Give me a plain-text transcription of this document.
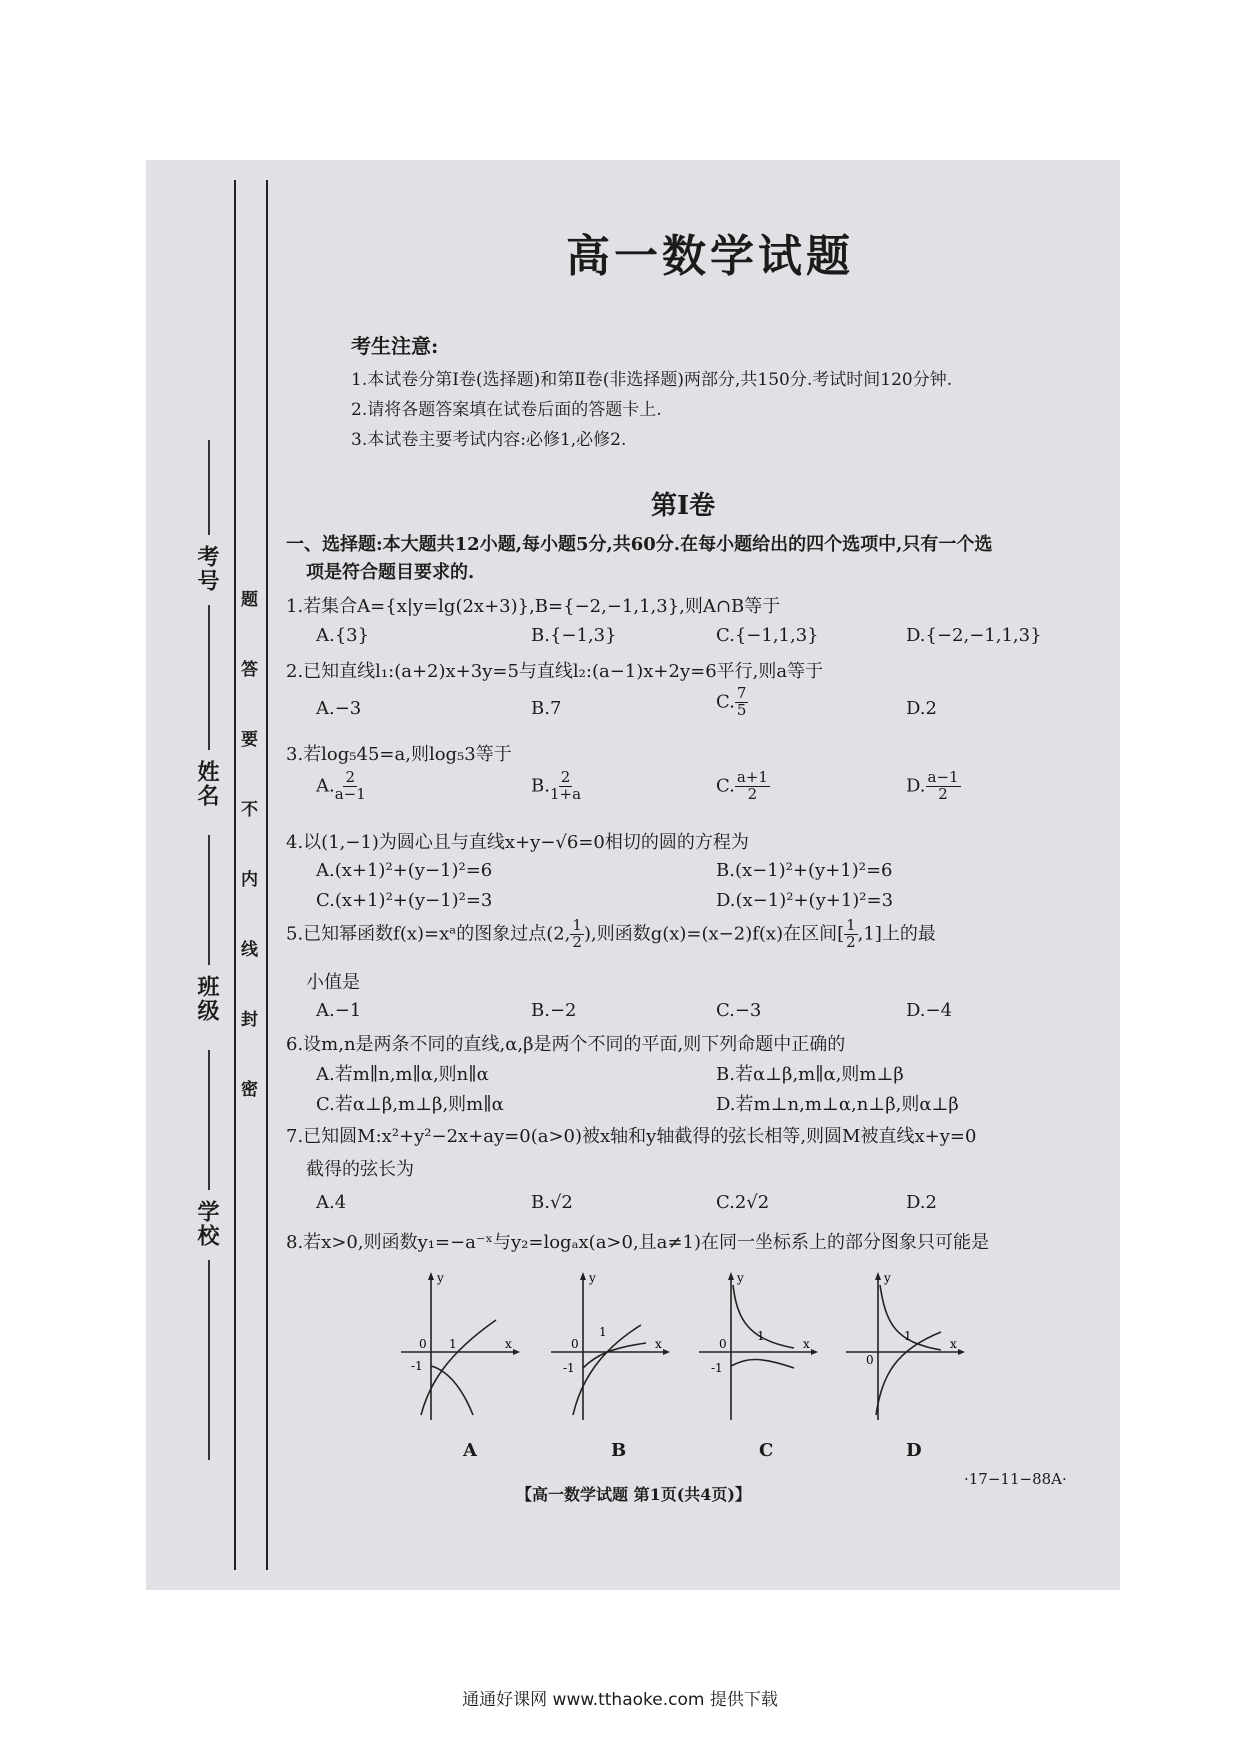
考号
姓名
班级
学校
题
答
要
不
内
线
封
密
高一数学试题
考生注意:
1.本试卷分第Ⅰ卷(选择题)和第Ⅱ卷(非选择题)两部分,共150分.考试时间120分钟.
2.请将各题答案填在试卷后面的答题卡上.
3.本试卷主要考试内容:必修1,必修2.
第Ⅰ卷
一、选择题:本大题共12小题,每小题5分,共60分.在每小题给出的四个选项中,只有一个选
项是符合题目要求的.
1.若集合A={x|y=lg(2x+3)},B={−2,−1,1,3},则A∩B等于
A.{3}	B.{−1,3}	C.{−1,1,3}	D.{−2,−1,1,3}
2.已知直线l₁:(a+2)x+3y=5与直线l₂:(a−1)x+2y=6平行,则a等于
A.−3	B.7	C. $\frac{7}{5}$	D.2
3.若log₅45=a,则log₅3等于
A. $\frac{2}{a-1}$	B. $\frac{2}{1+a}$	C. $\frac{a+1}{2}$	D. $\frac{a-1}{2}$
4.以(1,−1)为圆心且与直线x+y−√6=0相切的圆的方程为
A.(x+1)²+(y−1)²=6	B.(x−1)²+(y+1)²=6
C.(x+1)²+(y−1)²=3	D.(x−1)²+(y+1)²=3
5.已知幂函数f(x)=xᵃ的图象过点(2, $\frac{1}{2}$ ),则函数g(x)=(x−2)f(x)在区间[ $\frac{1}{2} ,1$]上的最
小值是
A.−1	B.−2	C.−3	D.−4
6.设m,n是两条不同的直线,α,β是两个不同的平面,则下列命题中正确的
A.若m∥n,m∥α,则n∥α	B.若α⊥β,m∥α,则m⊥β
C.若α⊥β,m⊥β,则m∥α	D.若m⊥n,m⊥α,n⊥β,则α⊥β
7.已知圆M:x²+y²−2x+ay=0(a>0)被x轴和y轴截得的弦长相等,则圆M被直线x+y=0
截得的弦长为
A.4	B.√2	C.2√2	D.2
8.若x>0,则函数y₁=−a⁻ˣ与y₂=logₐx(a>0,且a≠1)在同一坐标系上的部分图象只可能是
y
x
0 1
-1
A
y
x
0
1
-1
B
y
x
0
1
-1
C
y
x
0
1
D
【高一数学试题 第1页(共4页)】
·17−11−88A·
通通好课网 www.tthaoke.com 提供下载
